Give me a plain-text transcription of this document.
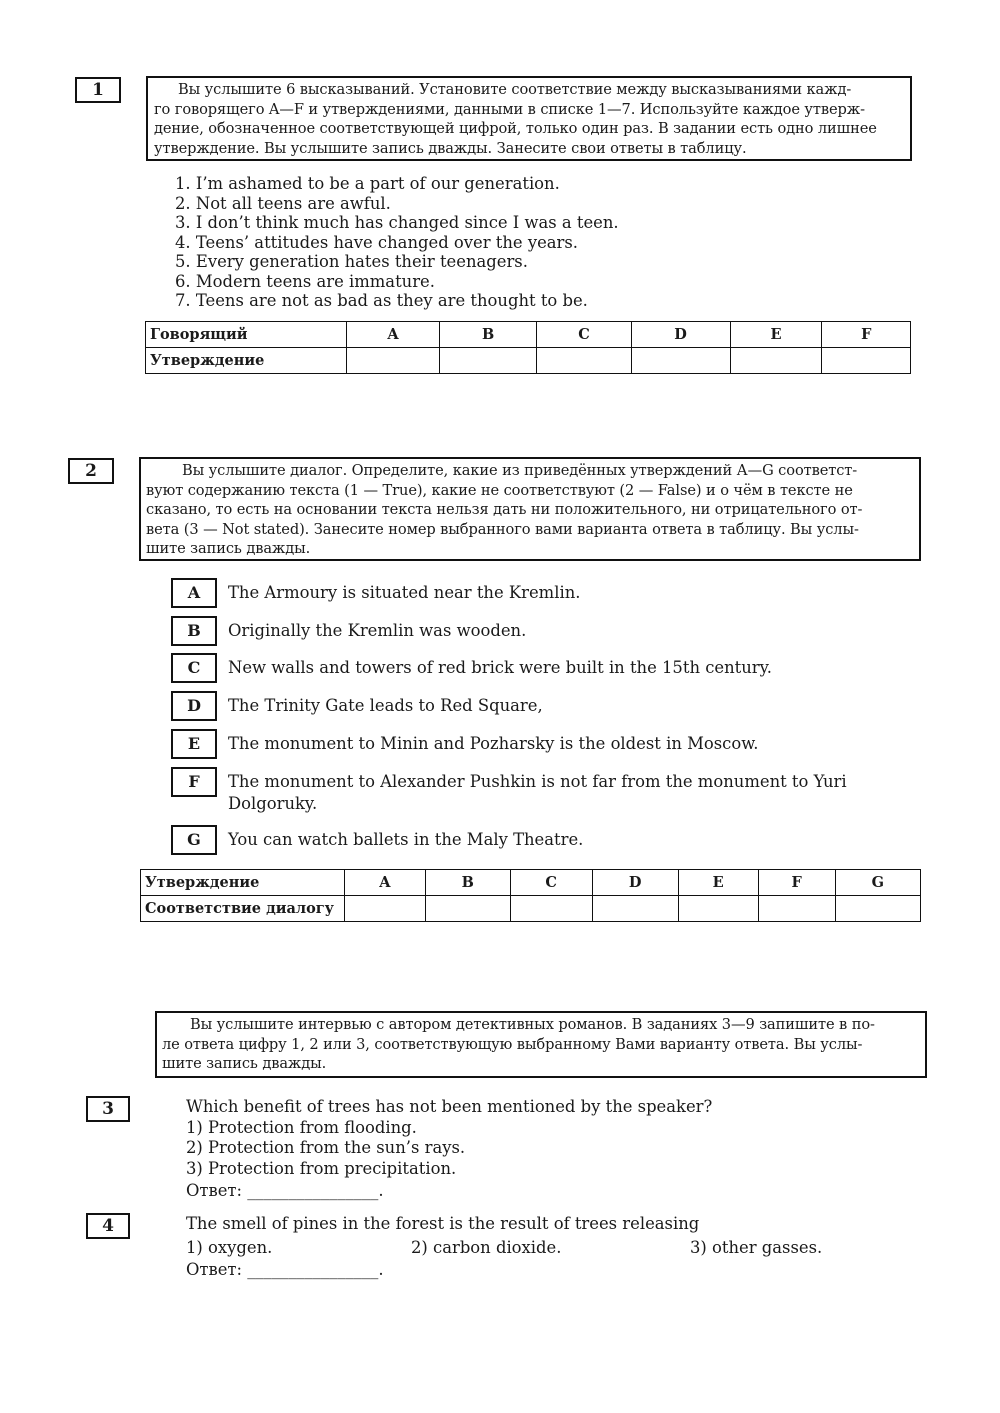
1	Вы услышите 6 высказываний. Установите соответствие между высказываниями кажд-
го говорящего A—F и утверждениями, данными в списке 1—7. Используйте каждое утверж-
дение, обозначенное соответствующей цифрой, только один раз. В задании есть одно лишнее
утверждение. Вы услышите запись дважды. Занесите свои ответы в таблицу.
1. I’m ashamed to be a part of our generation.
2. Not all teens are awful.
3. I don’t think much has changed since I was a teen.
4. Teens’ attitudes have changed over the years.
5. Every generation hates their teenagers.
6. Modern teens are immature.
7. Teens are not as bad as they are thought to be.
Говорящий	A	B	C	D	E	F
Утверждение						
2	Вы услышите диалог. Определите, какие из приведённых утверждений А—G соответст-
вуют содержанию текста (1 — True), какие не соответствуют (2 — False) и о чём в тексте не
сказано, то есть на основании текста нельзя дать ни положительного, ни отрицательного от-
вета (3 — Not stated). Занесите номер выбранного вами варианта ответа в таблицу. Вы услы-
шите запись дважды.
A	The Armoury is situated near the Kremlin.
B	Originally the Kremlin was wooden.
C	New walls and towers of red brick were built in the 15th century.
D	The Trinity Gate leads to Red Square,
E	The monument to Minin and Pozharsky is the oldest in Moscow.
F	The monument to Alexander Pushkin is not far from the monument to Yuri
Dolgoruky.
G	You can watch ballets in the Maly Theatre.
Утверждение	A	B	C	D	E	F	G
Соответствие диалогу							
Вы услышите интервью с автором детективных романов. В заданиях 3—9 запишите в по-
ле ответа цифру 1, 2 или 3, соответствующую выбранному Вами варианту ответа. Вы услы-
шите запись дважды.
3	Which benefit of trees has not been mentioned by the speaker?
1) Protection from flooding.
2) Protection from the sun’s rays.
3) Protection from precipitation.
Ответ: ________________.
4	The smell of pines in the forest is the result of trees releasing
1) oxygen.	2) carbon dioxide.	3) other gasses.
Ответ: ________________.
